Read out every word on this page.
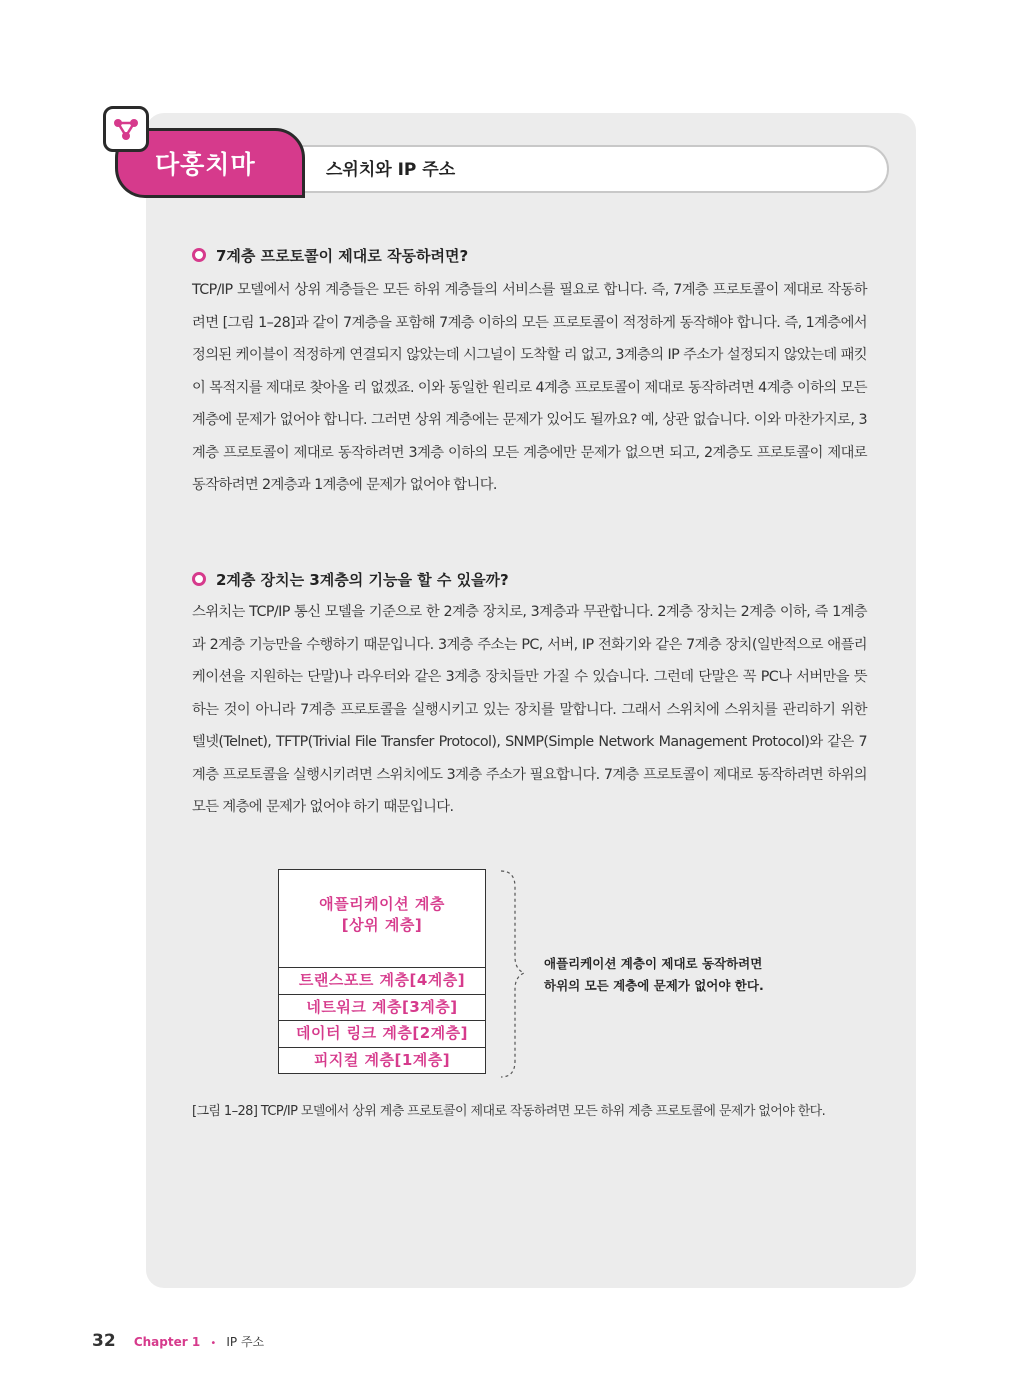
스위치와 IP 주소
다홍치마
7계층 프로토콜이 제대로 작동하려면?

TCP/IP 모델에서 상위 계층들은 모든 하위 계층들의 서비스를 필요로 합니다. 즉, 7계층 프로토콜이 제대로 작동하려면 [그림 1–28]과 같이 7계층을 포함해 7계층 이하의 모든 프로토콜이 적정하게 동작해야 합니다. 즉, 1계층에서 정의된 케이블이 적정하게 연결되지 않았는데 시그널이 도착할 리 없고, 3계층의 IP 주소가 설정되지 않았는데 패킷이 목적지를 제대로 찾아올 리 없겠죠. 이와 동일한 원리로 4계층 프로토콜이 제대로 동작하려면 4계층 이하의 모든 계층에 문제가 없어야 합니다. 그러면 상위 계층에는 문제가 있어도 될까요? 예, 상관 없습니다. 이와 마찬가지로, 3계층 프로토콜이 제대로 동작하려면 3계층 이하의 모든 계층에만 문제가 없으면 되고, 2계층도 프로토콜이 제대로 동작하려면 2계층과 1계층에 문제가 없어야 합니다.

2계층 장치는 3계층의 기능을 할 수 있을까?

스위치는 TCP/IP 통신 모델을 기준으로 한 2계층 장치로, 3계층과 무관합니다. 2계층 장치는 2계층 이하, 즉 1계층과 2계층 기능만을 수행하기 때문입니다. 3계층 주소는 PC, 서버, IP 전화기와 같은 7계층 장치(일반적으로 애플리케이션을 지원하는 단말)나 라우터와 같은 3계층 장치들만 가질 수 있습니다. 그런데 단말은 꼭 PC나 서버만을 뜻하는 것이 아니라 7계층 프로토콜을 실행시키고 있는 장치를 말합니다. 그래서 스위치에 스위치를 관리하기 위한 텔넷(Telnet), TFTP(Trivial File Transfer Protocol), SNMP(Simple Network Management Protocol)와 같은 7계층 프로토콜을 실행시키려면 스위치에도 3계층 주소가 필요합니다. 7계층 프로토콜이 제대로 동작하려면 하위의 모든 계층에 문제가 없어야 하기 때문입니다.

애플리케이션 계층
[상위 계층]
트랜스포트 계층[4계층]
네트워크 계층[3계층]
데이터 링크 계층[2계층]
피지컬 계층[1계층]
애플리케이션 계층이 제대로 동작하려면
하위의 모든 계층에 문제가 없어야 한다.
[그림 1–28] TCP/IP 모델에서 상위 계층 프로토콜이 제대로 작동하려면 모든 하위 계층 프로토콜에 문제가 없어야 한다.
32 Chapter 1 • IP 주소
